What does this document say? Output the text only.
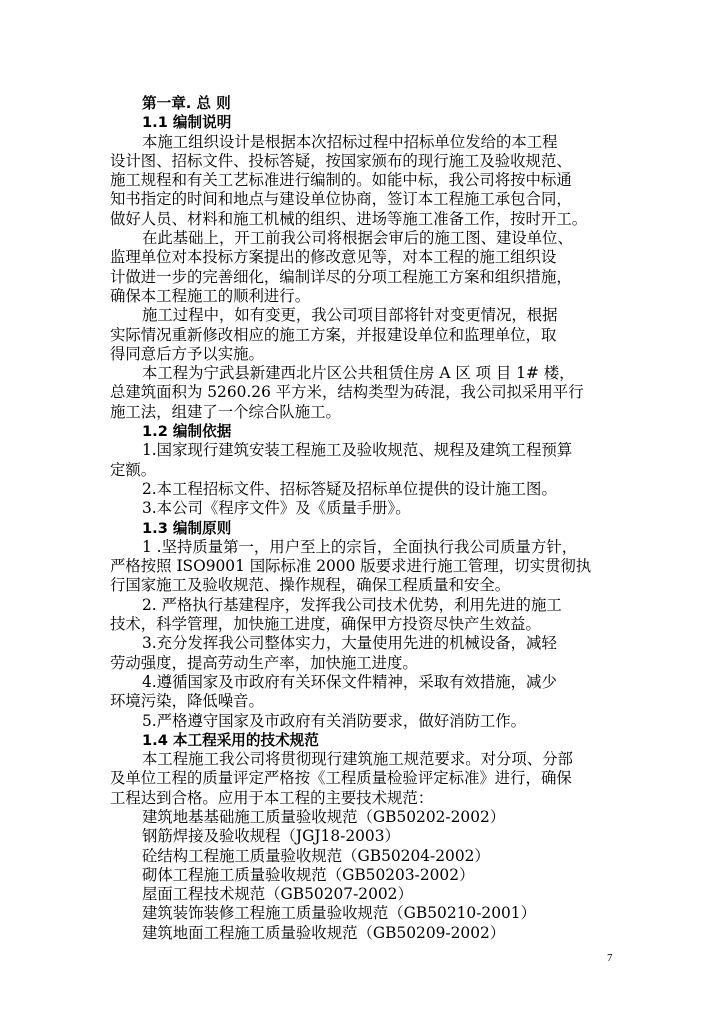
第一章. 总 则
1.1 编制说明
本施工组织设计是根据本次招标过程中招标单位发给的本工程
设计图、招标文件、投标答疑，按国家颁布的现行施工及验收规范、
施工规程和有关工艺标准进行编制的。如能中标，我公司将按中标通
知书指定的时间和地点与建设单位协商，签订本工程施工承包合同，
做好人员、材料和施工机械的组织、进场等施工准备工作，按时开工。
在此基础上，开工前我公司将根据会审后的施工图、建设单位、
监理单位对本投标方案提出的修改意见等，对本工程的施工组织设
计做进一步的完善细化，编制详尽的分项工程施工方案和组织措施，
确保本工程施工的顺利进行。
施工过程中，如有变更，我公司项目部将针对变更情况，根据
实际情况重新修改相应的施工方案，并报建设单位和监理单位，取
得同意后方予以实施。
本工程为宁武县新建西北片区公共租赁住房 A 区 项 目 1# 楼，
总建筑面积为 5260.26 平方米，结构类型为砖混，我公司拟采用平行
施工法，组建了一个综合队施工。
1.2 编制依据
1.国家现行建筑安装工程施工及验收规范、规程及建筑工程预算
定额。
2.本工程招标文件、招标答疑及招标单位提供的设计施工图。
3.本公司《程序文件》及《质量手册》。
1.3 编制原则
1 .坚持质量第一，用户至上的宗旨，全面执行我公司质量方针，
严格按照 ISO9001 国际标准 2000 版要求进行施工管理，切实贯彻执
行国家施工及验收规范、操作规程，确保工程质量和安全。
2. 严格执行基建程序，发挥我公司技术优势，利用先进的施工
技术，科学管理，加快施工进度，确保甲方投资尽快产生效益。
3.充分发挥我公司整体实力，大量使用先进的机械设备，减轻
劳动强度，提高劳动生产率，加快施工进度。
4.遵循国家及市政府有关环保文件精神，采取有效措施，减少
环境污染，降低噪音。
5.严格遵守国家及市政府有关消防要求，做好消防工作。
1.4 本工程采用的技术规范
本工程施工我公司将贯彻现行建筑施工规范要求。对分项、分部
及单位工程的质量评定严格按《工程质量检验评定标准》进行，确保
工程达到合格。应用于本工程的主要技术规范：
建筑地基基础施工质量验收规范（GB50202-2002）
钢筋焊接及验收规程（JGJ18-2003）
砼结构工程施工质量验收规范（GB50204-2002）
砌体工程施工质量验收规范（GB50203-2002）
屋面工程技术规范（GB50207-2002）
建筑装饰装修工程施工质量验收规范（GB50210-2001）
建筑地面工程施工质量验收规范（GB50209-2002）
7
